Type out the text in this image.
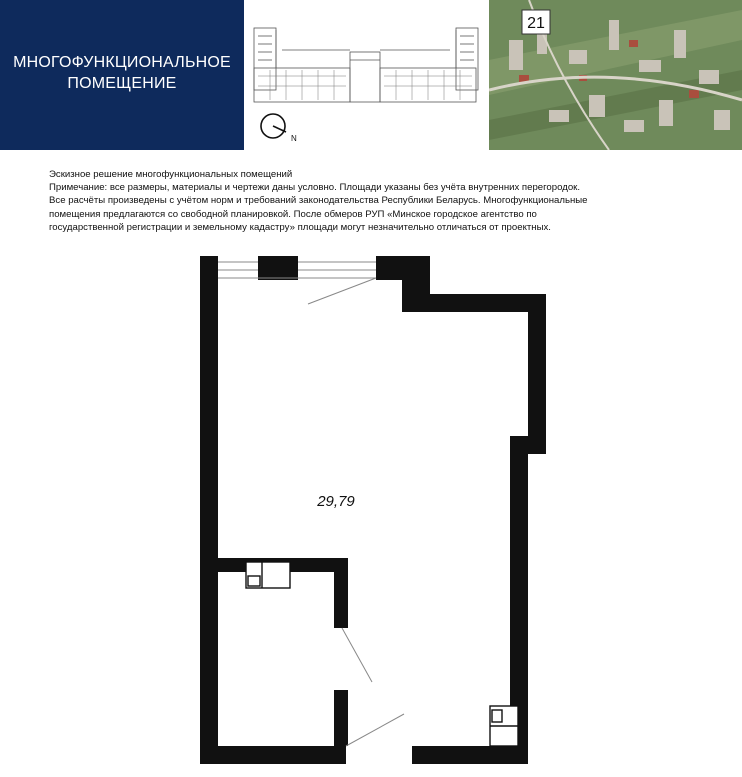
МНОГОФУНКЦИОНАЛЬНОЕ
ПОМЕЩЕНИЕ
N
21
Эскизное решение многофункциональных помещений
Примечание: все размеры, материалы и чертежи даны условно. Площади указаны без учёта внутренних перегородок.
Все расчёты произведены с учётом норм и требований законодательства Республики Беларусь. Многофункциональные
помещения предлагаются со свободной планировкой. После обмеров РУП «Минское городское агентство по
государственной регистрации и земельному кадастру» площади могут незначительно отличаться от проектных.
29,79
